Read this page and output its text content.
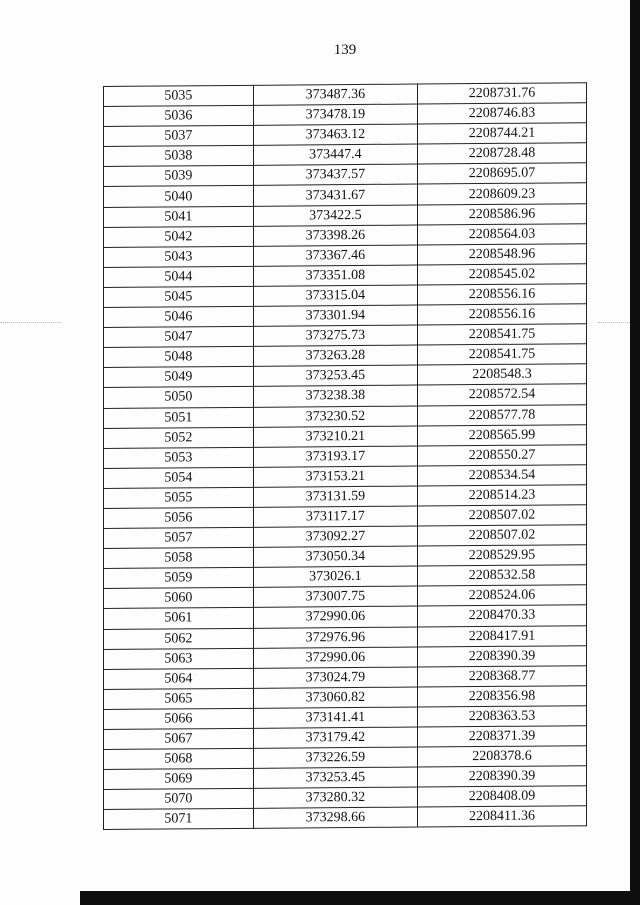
139
5035	373487.36	2208731.76
5036	373478.19	2208746.83
5037	373463.12	2208744.21
5038	373447.4	2208728.48
5039	373437.57	2208695.07
5040	373431.67	2208609.23
5041	373422.5	2208586.96
5042	373398.26	2208564.03
5043	373367.46	2208548.96
5044	373351.08	2208545.02
5045	373315.04	2208556.16
5046	373301.94	2208556.16
5047	373275.73	2208541.75
5048	373263.28	2208541.75
5049	373253.45	2208548.3
5050	373238.38	2208572.54
5051	373230.52	2208577.78
5052	373210.21	2208565.99
5053	373193.17	2208550.27
5054	373153.21	2208534.54
5055	373131.59	2208514.23
5056	373117.17	2208507.02
5057	373092.27	2208507.02
5058	373050.34	2208529.95
5059	373026.1	2208532.58
5060	373007.75	2208524.06
5061	372990.06	2208470.33
5062	372976.96	2208417.91
5063	372990.06	2208390.39
5064	373024.79	2208368.77
5065	373060.82	2208356.98
5066	373141.41	2208363.53
5067	373179.42	2208371.39
5068	373226.59	2208378.6
5069	373253.45	2208390.39
5070	373280.32	2208408.09
5071	373298.66	2208411.36
